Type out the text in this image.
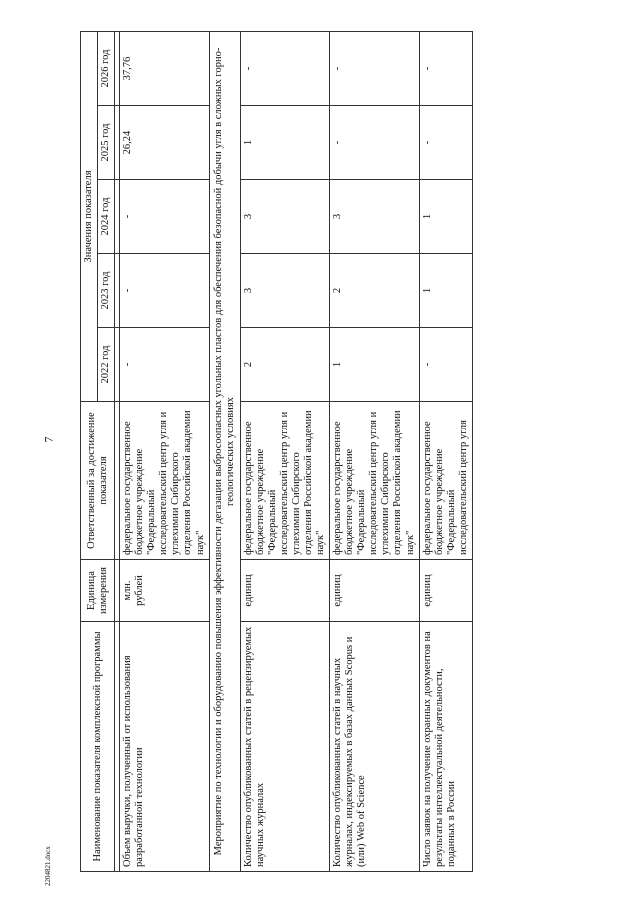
7
2204821.docx
Наименование показателя комплексной программы	Единица измерения	Ответственный за достижение показателя	Значения показателя				
			2022 год	2023 год	2024 год	2025 год	2026 год

Объем выручки, полученный от использования разработанной технологии	млн. рублей	федеральное государственное бюджетное учреждение "Федеральный исследовательский центр угля и углехимии Сибирского отделения Российской академии наук"	-	-	-	26,24	37,76
Мероприятие по технологии и оборудованию повышения эффективности дегазации выбросоопасных угольных пластов для обеспечения безопасной добычи угля в сложных горно-геологических условиях							
Количество опубликованных статей в рецензируемых научных журналах	единиц	федеральное государственное бюджетное учреждение "Федеральный исследовательский центр угля и углехимии Сибирского отделения Российской академии наук"	2	3	3	1	-
Количество опубликованных статей в научных журналах, индексируемых в базах данных Scopus и (или) Web of Science	единиц	федеральное государственное бюджетное учреждение "Федеральный исследовательский центр угля и углехимии Сибирского отделения Российской академии наук"	1	2	3	-	-
Число заявок на получение охранных документов на результаты интеллектуальной деятельности, поданных в России	единиц	федеральное государственное бюджетное учреждение "Федеральный исследовательский центр угля	-	1	1	-	-
